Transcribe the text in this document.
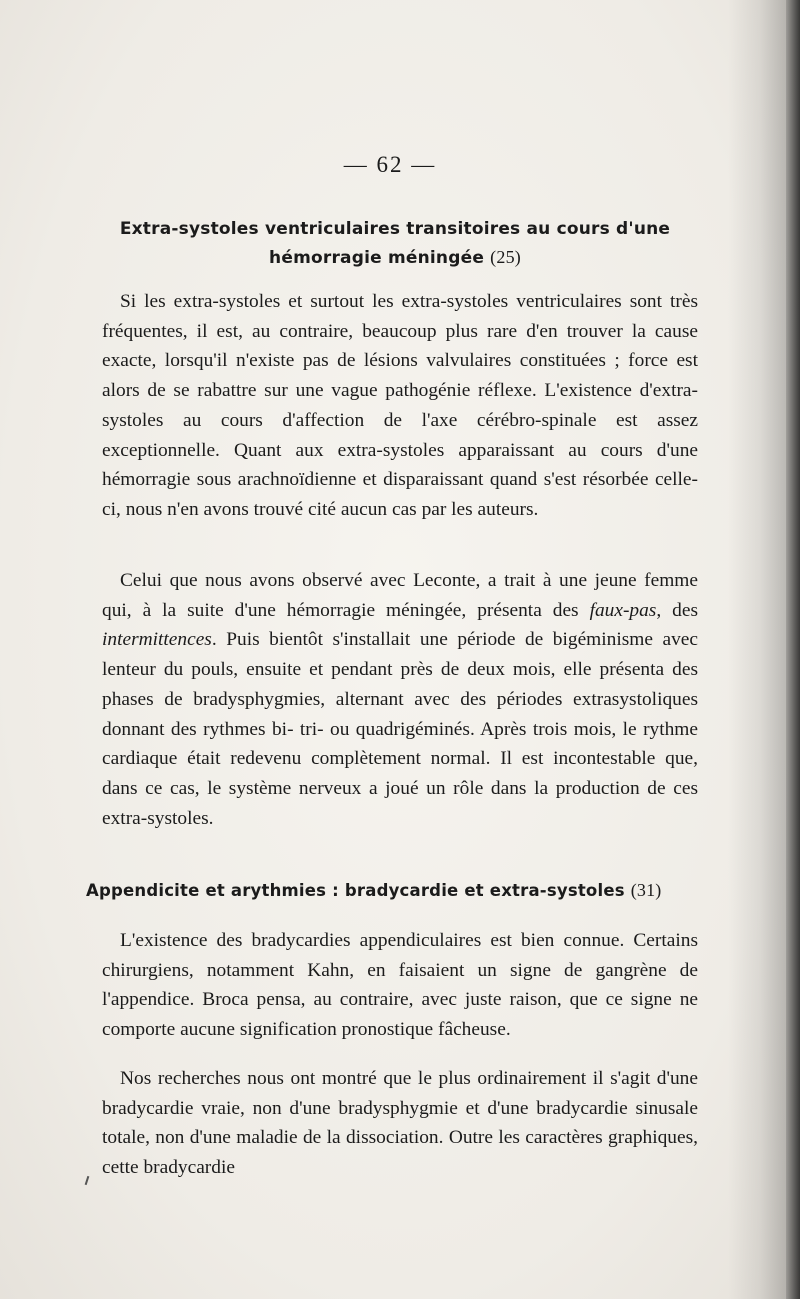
— 62 —
Extra-systoles ventriculaires transitoires au cours d'une
hémorragie méningée (25)

Si les extra-systoles et surtout les extra-systoles ventriculaires sont très fréquentes, il est, au contraire, beaucoup plus rare d'en trouver la cause exacte, lorsqu'il n'existe pas de lésions valvulaires constituées ; force est alors de se rabattre sur une vague pathogénie réflexe. L'existence d'extra-systoles au cours d'affection de l'axe cérébro-spinale est assez exceptionnelle. Quant aux extra-systoles apparaissant au cours d'une hémorragie sous arachnoïdienne et disparaissant quand s'est résorbée celle-ci, nous n'en avons trouvé cité aucun cas par les auteurs.

Celui que nous avons observé avec Leconte, a trait à une jeune femme qui, à la suite d'une hémorragie méningée, présenta des faux-pas, des intermittences. Puis bientôt s'installait une période de bigéminisme avec lenteur du pouls, ensuite et pendant près de deux mois, elle présenta des phases de bradysphygmies, alternant avec des périodes extrasystoliques donnant des rythmes bi- tri- ou quadrigéminés. Après trois mois, le rythme cardiaque était redevenu complètement normal. Il est incontestable que, dans ce cas, le système nerveux a joué un rôle dans la production de ces extra-systoles.

Appendicite et arythmies : bradycardie et extra-systoles (31)

L'existence des bradycardies appendiculaires est bien connue. Certains chirurgiens, notamment Kahn, en faisaient un signe de gangrène de l'appendice. Broca pensa, au contraire, avec juste raison, que ce signe ne comporte aucune signification pronostique fâcheuse.

Nos recherches nous ont montré que le plus ordinairement il s'agit d'une bradycardie vraie, non d'une bradysphygmie et d'une bradycardie sinusale totale, non d'une maladie de la dissociation. Outre les caractères graphiques, cette bradycardie
